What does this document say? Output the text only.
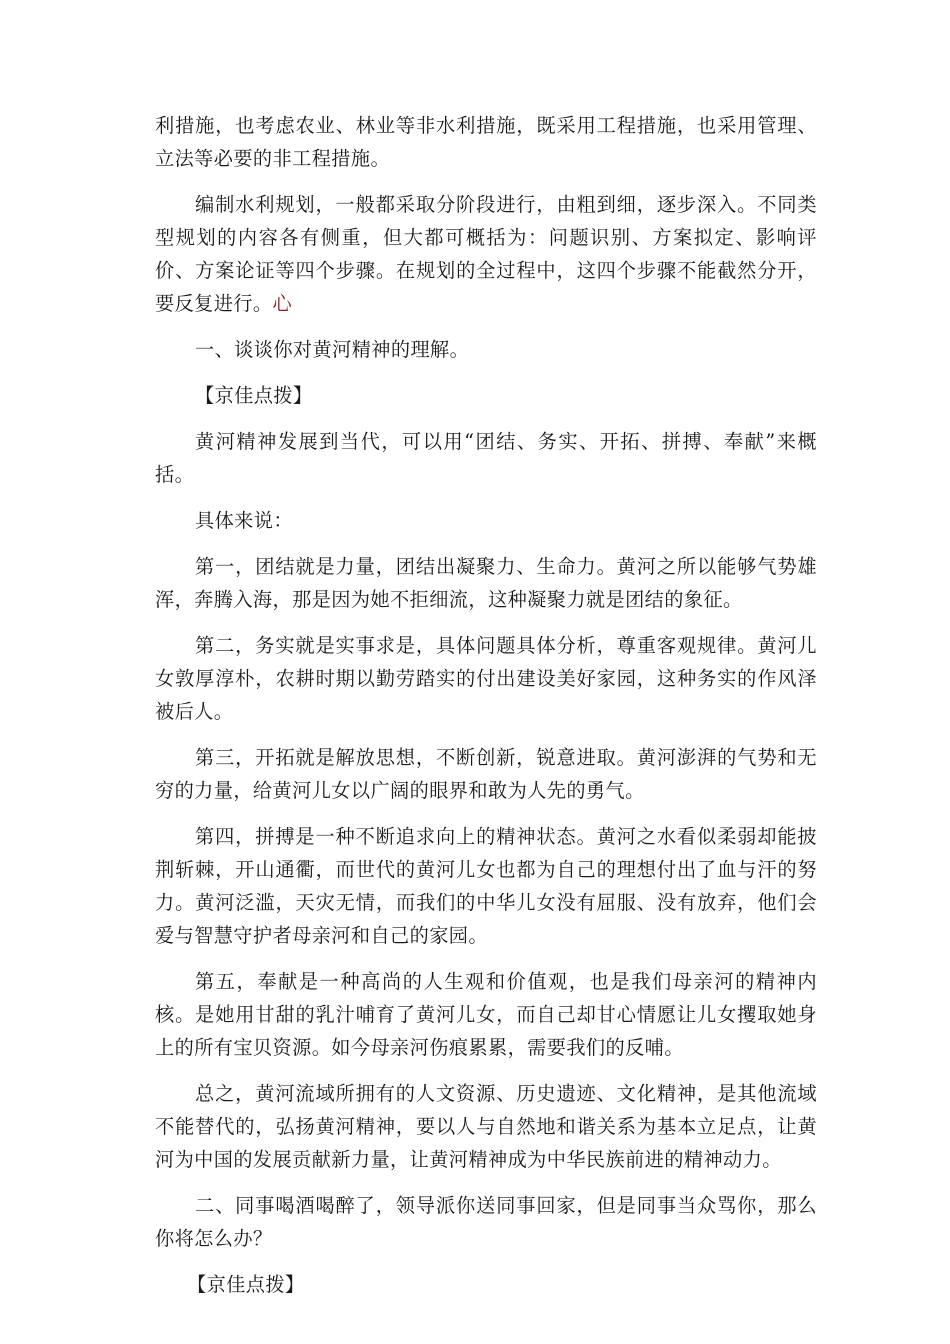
利措施，也考虑农业、林业等非水利措施，既采用工程措施，也采用管理、立法等必要的非工程措施。

编制水利规划，一般都采取分阶段进行，由粗到细，逐步深入。不同类型规划的内容各有侧重，但大都可概括为：问题识别、方案拟定、影响评价、方案论证等四个步骤。在规划的全过程中，这四个步骤不能截然分开，要反复进行。心

一、谈谈你对黄河精神的理解。

【京佳点拨】

黄河精神发展到当代，可以用“团结、务实、开拓、拼搏、奉献”来概括。

具体来说：

第一，团结就是力量，团结出凝聚力、生命力。黄河之所以能够气势雄浑，奔腾入海，那是因为她不拒细流，这种凝聚力就是团结的象征。

第二，务实就是实事求是，具体问题具体分析，尊重客观规律。黄河儿女敦厚淳朴，农耕时期以勤劳踏实的付出建设美好家园，这种务实的作风泽被后人。

第三，开拓就是解放思想，不断创新，锐意进取。黄河澎湃的气势和无穷的力量，给黄河儿女以广阔的眼界和敢为人先的勇气。

第四，拼搏是一种不断追求向上的精神状态。黄河之水看似柔弱却能披荆斩棘，开山通衢，而世代的黄河儿女也都为自己的理想付出了血与汗的努力。黄河泛滥，天灾无情，而我们的中华儿女没有屈服、没有放弃，他们会爱与智慧守护者母亲河和自己的家园。

第五，奉献是一种高尚的人生观和价值观，也是我们母亲河的精神内核。是她用甘甜的乳汁哺育了黄河儿女，而自己却甘心情愿让儿女攫取她身上的所有宝贝资源。如今母亲河伤痕累累，需要我们的反哺。

总之，黄河流域所拥有的人文资源、历史遗迹、文化精神，是其他流域不能替代的，弘扬黄河精神，要以人与自然地和谐关系为基本立足点，让黄河为中国的发展贡献新力量，让黄河精神成为中华民族前进的精神动力。

二、同事喝酒喝醉了，领导派你送同事回家，但是同事当众骂你，那么你将怎么办？

【京佳点拨】
